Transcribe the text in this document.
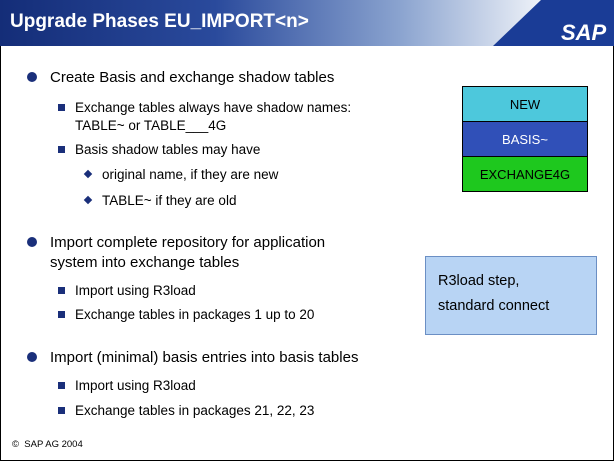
Upgrade Phases EU_IMPORT<n>	SAP
Create Basis and exchange shadow tables
Exchange tables always have shadow names:
TABLE~ or TABLE___4G
Basis shadow tables may have
original name, if they are new
TABLE~ if they are old
Import complete repository for application
system into exchange tables
Import using R3load
Exchange tables in packages 1 up to 20
Import (minimal) basis entries into basis tables
Import using R3load
Exchange tables in packages 21, 22, 23
NEW
BASIS~
EXCHANGE4G
R3load step,
standard connect
© SAP AG 2004
